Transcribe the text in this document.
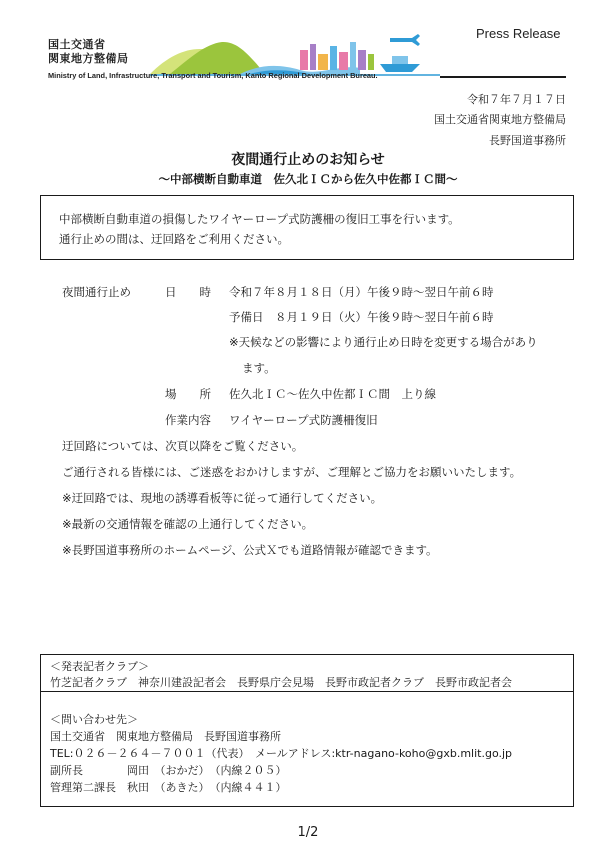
国土交通省
関東地方整備局
Press Release
Ministry of Land, Infrastructure, Transport and Tourism, Kanto Regional Development Bureau.
令和７年７月１７日
国土交通省関東地方整備局
長野国道事務所
夜間通行止めのお知らせ
～中部横断自動車道　佐久北ＩＣから佐久中佐都ＩＣ間～
中部横断自動車道の損傷したワイヤーロープ式防護柵の復旧工事を行います。
通行止めの間は、迂回路をご利用ください。
夜間通行止め	日　　時 令和７年８月１８日（月）午後９時～翌日午前６時
予備日　８月１９日（火）午後９時～翌日午前６時
※天候などの影響により通行止め日時を変更する場合があり
ます。
場　　所 佐久北ＩＣ～佐久中佐都ＩＣ間　上り線
作業内容 ワイヤーロープ式防護柵復旧
迂回路については、次頁以降をご覧ください。
ご通行される皆様には、ご迷惑をおかけしますが、ご理解とご協力をお願いいたします。
※迂回路では、現地の誘導看板等に従って通行してください。
※最新の交通情報を確認の上通行してください。
※長野国道事務所のホームページ、公式Ｘでも道路情報が確認できます。
＜発表記者クラブ＞
竹芝記者クラブ　神奈川建設記者会　長野県庁会見場　長野市政記者クラブ　長野市政記者会
＜問い合わせ先＞
国土交通省　関東地方整備局　長野国道事務所
TEL:０２６－２６４－７００１（代表）　メールアドレス:ktr-nagano-koho@gxb.mlit.go.jp
副所長　　　　岡田　（おかだ）　（内線２０５）
管理第二課長　秋田　（あきた）　（内線４４１）
1/2
